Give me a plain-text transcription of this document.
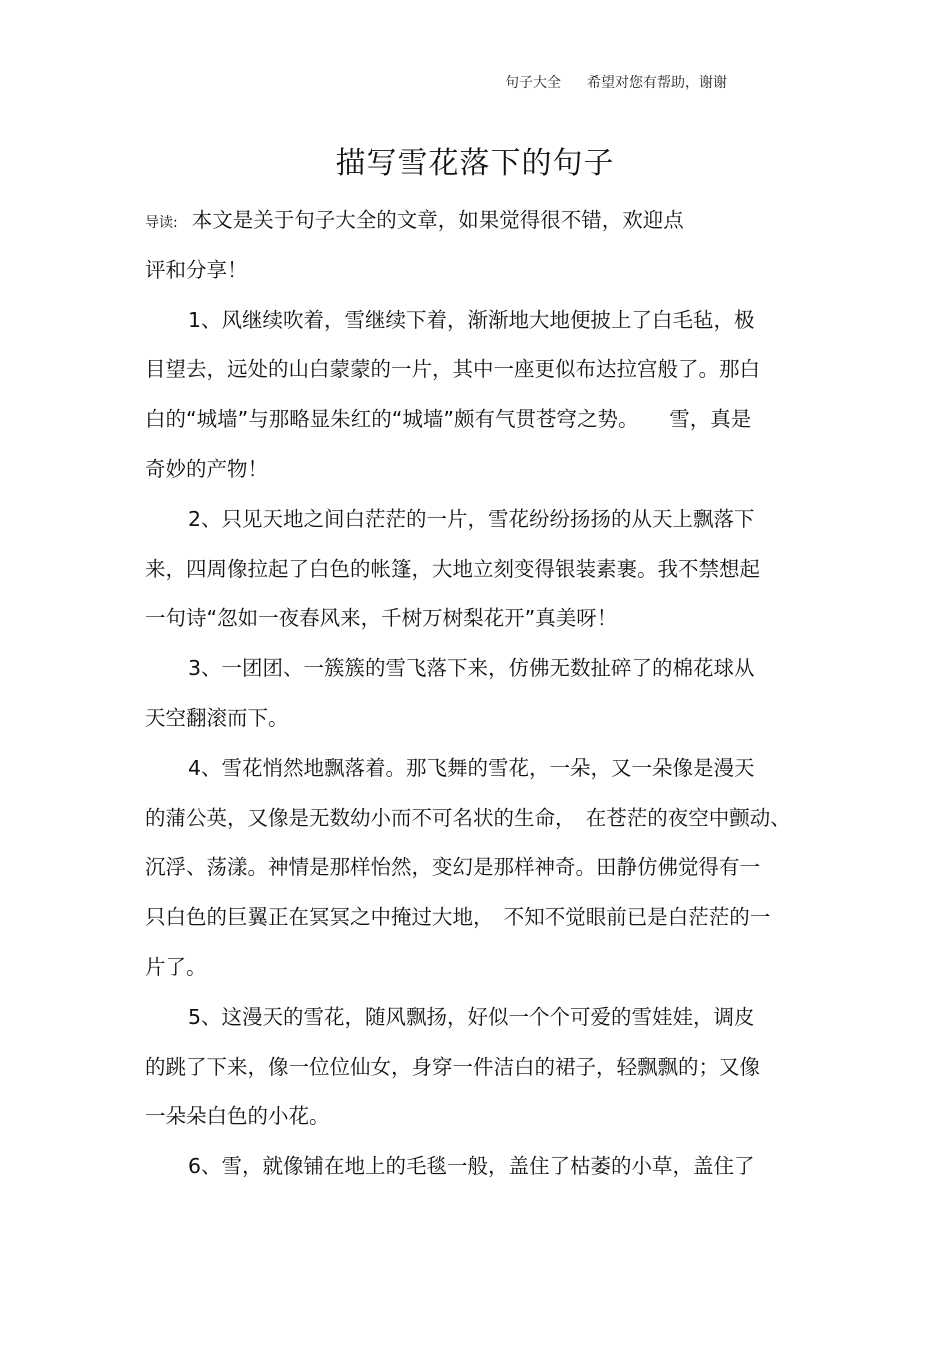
句子大全 希望对您有帮助，谢谢
描写雪花落下的句子
导读: 本文是关于句子大全的文章，如果觉得很不错，欢迎点
评和分享！
1、风继续吹着，雪继续下着，渐渐地大地便披上了白毛毡，极
目望去，远处的山白蒙蒙的一片，其中一座更似布达拉宫般了。那白
白的“城墙”与那略显朱红的“城墙”颇有气贯苍穹之势。　　雪，真是
奇妙的产物！
2、只见天地之间白茫茫的一片，雪花纷纷扬扬的从天上飘落下
来，四周像拉起了白色的帐篷，大地立刻变得银装素裹。我不禁想起
一句诗“忽如一夜春风来，千树万树梨花开”真美呀！
3、一团团、一簇簇的雪飞落下来，仿佛无数扯碎了的棉花球从
天空翻滚而下。
4、雪花悄然地飘落着。那飞舞的雪花，一朵，又一朵像是漫天
的蒲公英，又像是无数幼小而不可名状的生命，　在苍茫的夜空中颤动、
沉浮、荡漾。神情是那样怡然，变幻是那样神奇。田静仿佛觉得有一
只白色的巨翼正在冥冥之中掩过大地，　不知不觉眼前已是白茫茫的一
片了。
5、这漫天的雪花，随风飘扬，好似一个个可爱的雪娃娃，调皮
的跳了下来，像一位位仙女，身穿一件洁白的裙子，轻飘飘的；又像
一朵朵白色的小花。
6、雪，就像铺在地上的毛毯一般，盖住了枯萎的小草，盖住了
